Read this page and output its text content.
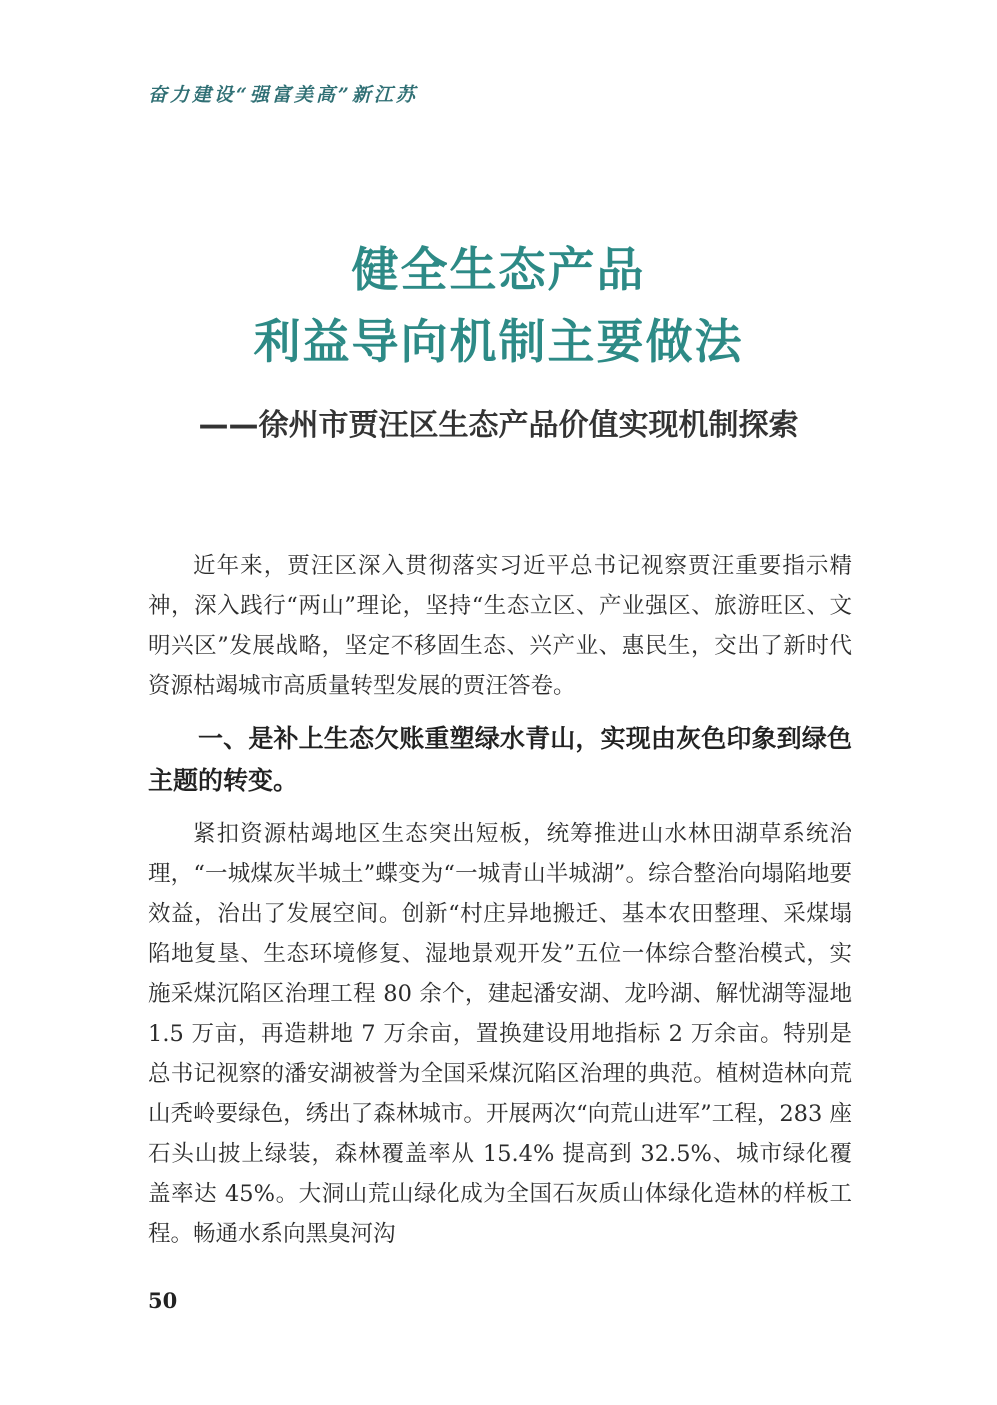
奋力建设“强富美高”新江苏
健全生态产品
利益导向机制主要做法
——徐州市贾汪区生态产品价值实现机制探索

近年来，贾汪区深入贯彻落实习近平总书记视察贾汪重要指示精神，深入践行“两山”理论，坚持“生态立区、产业强区、旅游旺区、文明兴区”发展战略，坚定不移固生态、兴产业、惠民生，交出了新时代资源枯竭城市高质量转型发展的贾汪答卷。

一、是补上生态欠账重塑绿水青山，实现由灰色印象到绿色主题的转变。

紧扣资源枯竭地区生态突出短板，统筹推进山水林田湖草系统治理，“一城煤灰半城土”蝶变为“一城青山半城湖”。综合整治向塌陷地要效益，治出了发展空间。创新“村庄异地搬迁、基本农田整理、采煤塌陷地复垦、生态环境修复、湿地景观开发”五位一体综合整治模式，实施采煤沉陷区治理工程 80 余个，建起潘安湖、龙吟湖、解忧湖等湿地 1.5 万亩，再造耕地 7 万余亩，置换建设用地指标 2 万余亩。特别是总书记视察的潘安湖被誉为全国采煤沉陷区治理的典范。植树造林向荒山秃岭要绿色，绣出了森林城市。开展两次“向荒山进军”工程，283 座石头山披上绿装，森林覆盖率从 15.4% 提高到 32.5%、城市绿化覆盖率达 45%。大洞山荒山绿化成为全国石灰质山体绿化造林的样板工程。畅通水系向黑臭河沟

50
